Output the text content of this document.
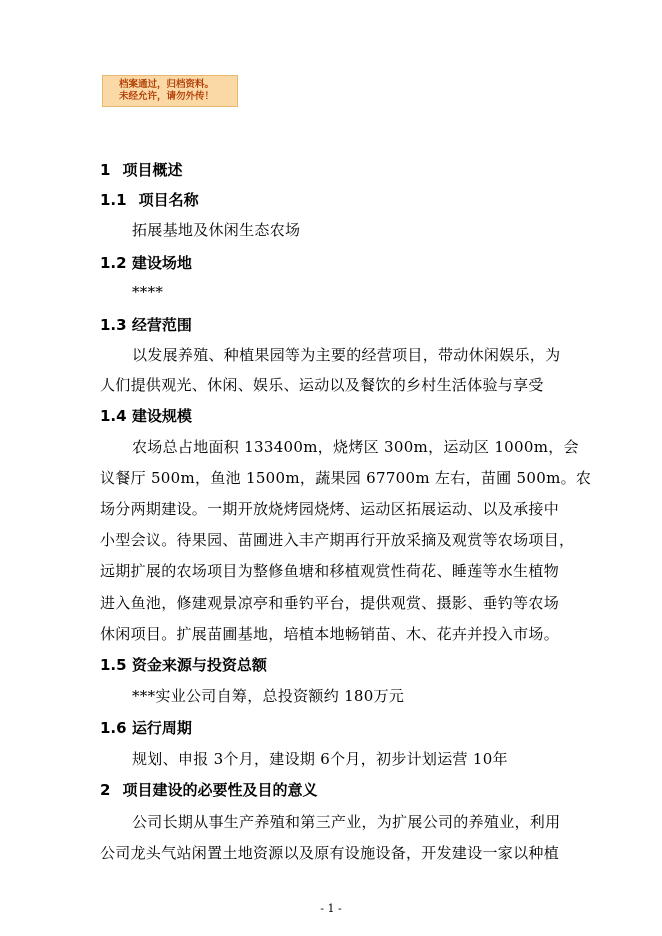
档案通过，归档资料。
未经允许，请勿外传！
1 项目概述
1.1 项目名称
拓展基地及休闲生态农场
1.2 建设场地
****
1.3 经营范围
以发展养殖、种植果园等为主要的经营项目，带动休闲娱乐，为
人们提供观光、休闲、娱乐、运动以及餐饮的乡村生活体验与享受
1.4 建设规模
农场总占地面积 133400m，烧烤区 300m，运动区 1000m，会
议餐厅 500m，鱼池 1500m，蔬果园 67700m 左右，苗圃 500m。农
场分两期建设。一期开放烧烤园烧烤、运动区拓展运动、以及承接中
小型会议。待果园、苗圃进入丰产期再行开放采摘及观赏等农场项目，
远期扩展的农场项目为整修鱼塘和移植观赏性荷花、睡莲等水生植物
进入鱼池，修建观景凉亭和垂钓平台，提供观赏、摄影、垂钓等农场
休闲项目。扩展苗圃基地，培植本地畅销苗、木、花卉并投入市场。
1.5 资金来源与投资总额
***实业公司自筹，总投资额约 180万元
1.6 运行周期
规划、申报 3个月，建设期 6个月，初步计划运营 10年
2 项目建设的必要性及目的意义
公司长期从事生产养殖和第三产业，为扩展公司的养殖业，利用
公司龙头气站闲置土地资源以及原有设施设备，开发建设一家以种植
- 1 -
